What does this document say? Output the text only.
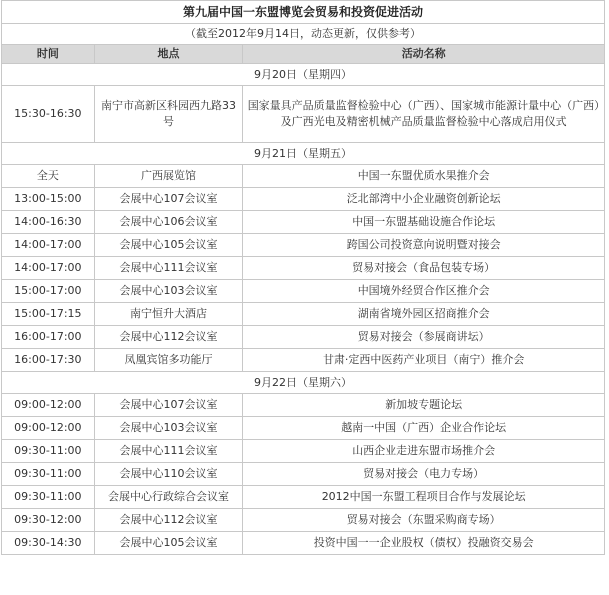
第九届中国一东盟博览会贸易和投资促进活动		
（截至2012年9月14日，动态更新，仅供参考）		
时间	地点	活动名称
9月20日（星期四）		
15:30-16:30	南宁市高新区科园西九路33号	国家量具产品质量监督检验中心（广西）、国家城市能源计量中心（广西）及广西光电及精密机械产品质量监督检验中心落成启用仪式
9月21日（星期五）		
全天	广西展览馆	中国一东盟优质水果推介会
13:00-15:00	会展中心107会议室	泛北部湾中小企业融资创新论坛
14:00-16:30	会展中心106会议室	中国一东盟基础设施合作论坛
14:00-17:00	会展中心105会议室	跨国公司投资意向说明暨对接会
14:00-17:00	会展中心111会议室	贸易对接会（食品包装专场）
15:00-17:00	会展中心103会议室	中国境外经贸合作区推介会
15:00-17:15	南宁恒升大酒店	湖南省境外园区招商推介会
16:00-17:00	会展中心112会议室	贸易对接会（参展商讲坛）
16:00-17:30	凤凰宾馆多功能厅	甘肃·定西中医药产业项目（南宁）推介会
9月22日（星期六）		
09:00-12:00	会展中心107会议室	新加坡专题论坛
09:00-12:00	会展中心103会议室	越南一中国（广西）企业合作论坛
09:30-11:00	会展中心111会议室	山西企业走进东盟市场推介会
09:30-11:00	会展中心110会议室	贸易对接会（电力专场）
09:30-11:00	会展中心行政综合会议室	2012中国一东盟工程项目合作与发展论坛
09:30-12:00	会展中心112会议室	贸易对接会（东盟采购商专场）
09:30-14:30	会展中心105会议室	投资中国一一企业股权（债权）投融资交易会
